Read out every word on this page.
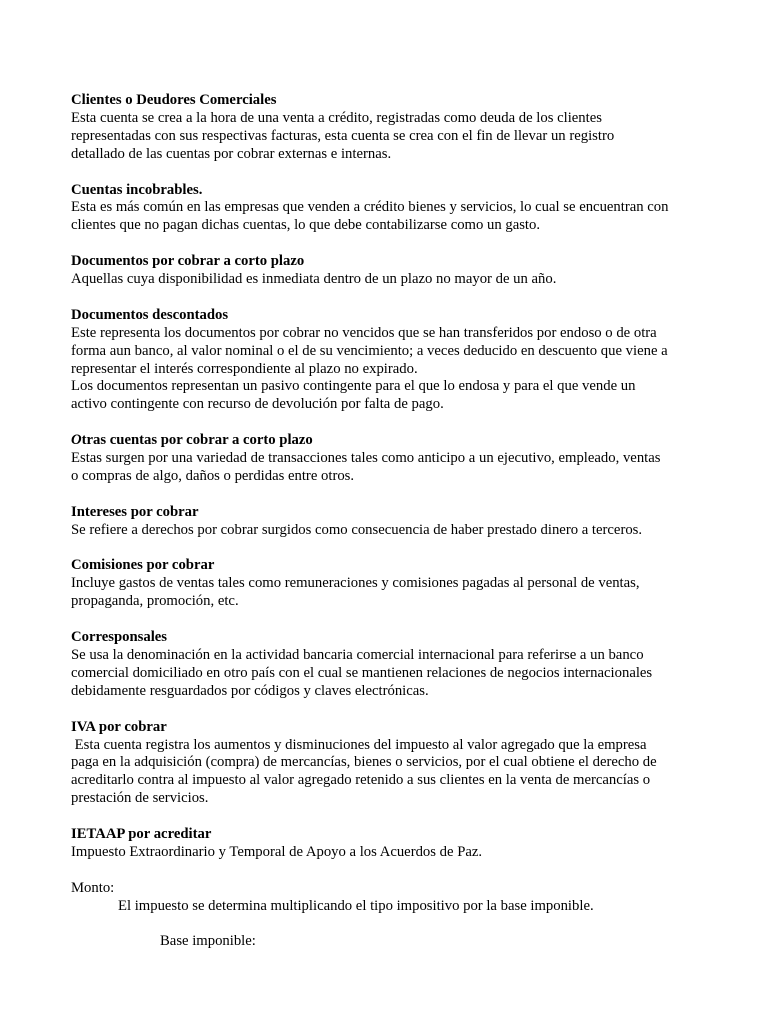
Clientes o Deudores Comerciales
Esta cuenta se crea a la hora de una venta a crédito, registradas como deuda de los clientes
representadas con sus respectivas facturas, esta cuenta se crea con el fin de llevar un registro
detallado de las cuentas por cobrar externas e internas.
Cuentas incobrables.
Esta es más común en las empresas que venden a crédito bienes y servicios, lo cual se encuentran con
clientes que no pagan dichas cuentas, lo que debe contabilizarse como un gasto.
Documentos por cobrar a corto plazo
Aquellas cuya disponibilidad es inmediata dentro de un plazo no mayor de un año.
Documentos descontados
Este representa los documentos por cobrar no vencidos que se han transferidos por endoso o de otra
forma aun banco, al valor nominal o el de su vencimiento; a veces deducido en descuento que viene a
representar el interés correspondiente al plazo no expirado.
Los documentos representan un pasivo contingente para el que lo endosa y para el que vende un
activo contingente con recurso de devolución por falta de pago.
Otras cuentas por cobrar a corto plazo
Estas surgen por una variedad de transacciones tales como anticipo a un ejecutivo, empleado, ventas
o compras de algo, daños o perdidas entre otros.
Intereses por cobrar
Se refiere a derechos por cobrar surgidos como consecuencia de haber prestado dinero a terceros.
Comisiones por cobrar
Incluye gastos de ventas tales como remuneraciones y comisiones pagadas al personal de ventas,
propaganda, promoción, etc.
Corresponsales
Se usa la denominación en la actividad bancaria comercial internacional para referirse a un banco
comercial domiciliado en otro país con el cual se mantienen relaciones de negocios internacionales
debidamente resguardados por códigos y claves electrónicas.
IVA por cobrar
Esta cuenta registra los aumentos y disminuciones del impuesto al valor agregado que la empresa
paga en la adquisición (compra) de mercancías, bienes o servicios, por el cual obtiene el derecho de
acreditarlo contra al impuesto al valor agregado retenido a sus clientes en la venta de mercancías o
prestación de servicios.
IETAAP por acreditar
Impuesto Extraordinario y Temporal de Apoyo a los Acuerdos de Paz.
Monto:
El impuesto se determina multiplicando el tipo impositivo por la base imponible.
Base imponible:
